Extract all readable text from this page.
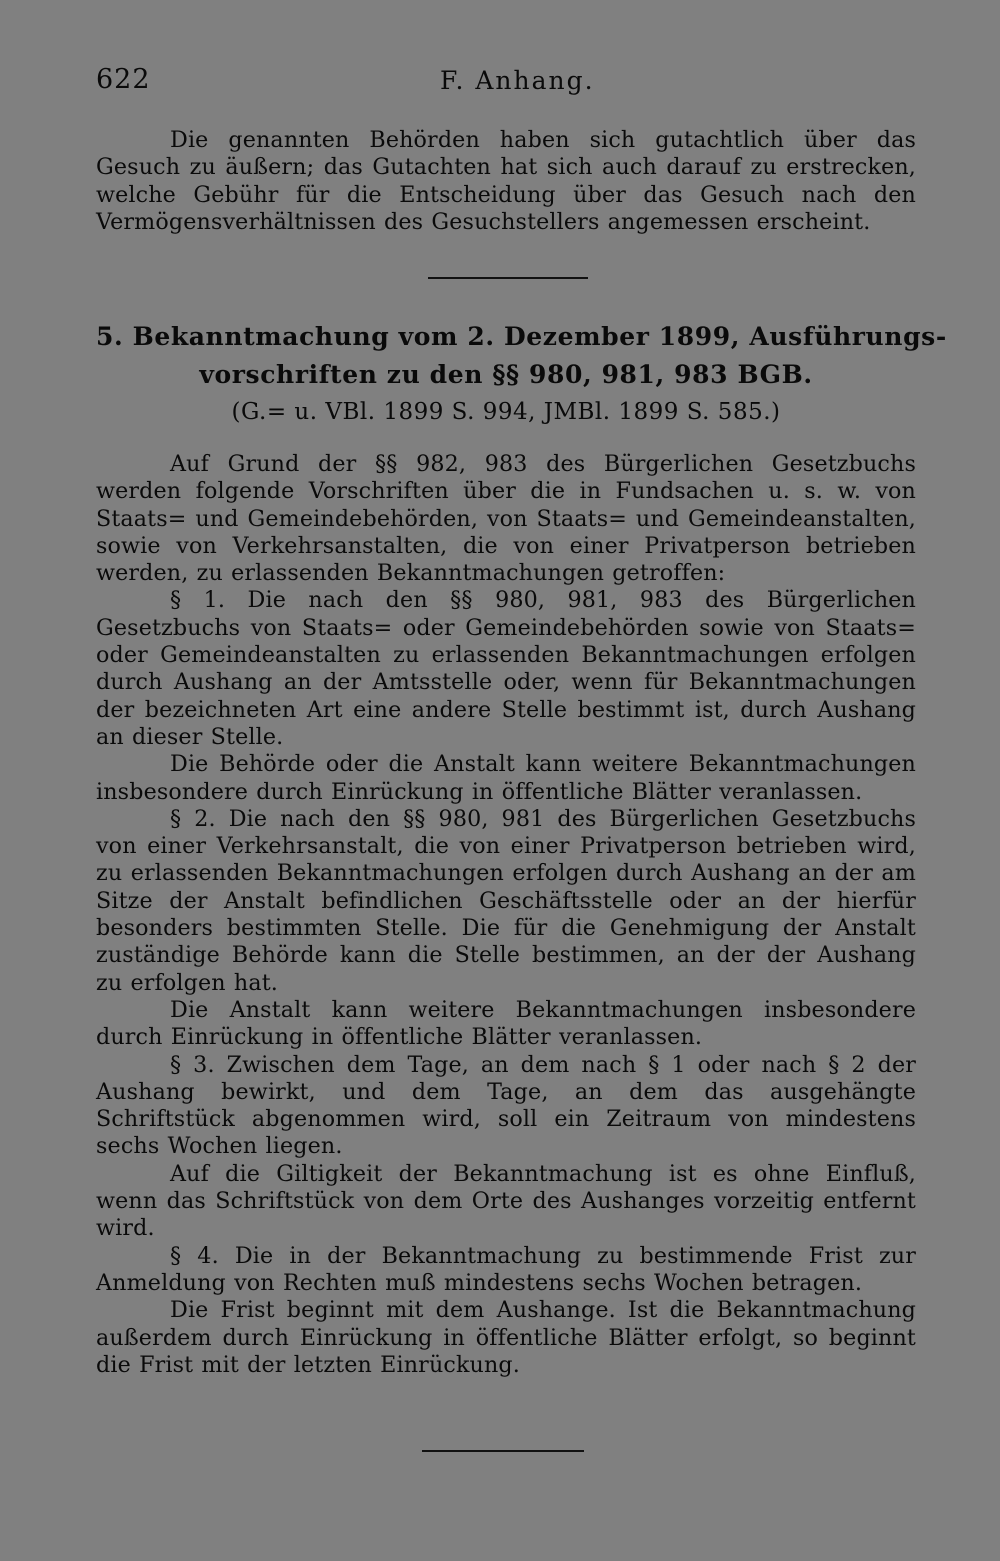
622	F. Anhang.

Die genannten Behörden haben sich gutachtlich über das Gesuch zu äußern; das Gutachten hat sich auch darauf zu erstrecken, welche Gebühr für die Entscheidung über das Gesuch nach den Vermögensverhältnissen des Gesuchstellers angemessen erscheint.

5. Bekanntmachung vom 2. Dezember 1899, Ausführungs-
vorschriften zu den §§ 980, 981, 983 BGB.
(G.= u. VBl. 1899 S. 994, JMBl. 1899 S. 585.)

Auf Grund der §§ 982, 983 des Bürgerlichen Gesetzbuchs werden folgende Vorschriften über die in Fundsachen u. s. w. von Staats= und Gemeindebehörden, von Staats= und Gemeindeanstalten, sowie von Verkehrsanstalten, die von einer Privatperson betrieben werden, zu erlassenden Bekanntmachungen getroffen:

§ 1. Die nach den §§ 980, 981, 983 des Bürgerlichen Gesetzbuchs von Staats= oder Gemeindebehörden sowie von Staats= oder Gemeindeanstalten zu erlassenden Bekanntmachungen erfolgen durch Aushang an der Amtsstelle oder, wenn für Bekanntmachungen der bezeichneten Art eine andere Stelle bestimmt ist, durch Aushang an dieser Stelle.

Die Behörde oder die Anstalt kann weitere Bekanntmachungen insbesondere durch Einrückung in öffentliche Blätter veranlassen.

§ 2. Die nach den §§ 980, 981 des Bürgerlichen Gesetzbuchs von einer Verkehrsanstalt, die von einer Privatperson betrieben wird, zu erlassenden Bekanntmachungen erfolgen durch Aushang an der am Sitze der Anstalt befindlichen Geschäftsstelle oder an der hierfür besonders bestimmten Stelle. Die für die Genehmigung der Anstalt zuständige Behörde kann die Stelle bestimmen, an der der Aushang zu erfolgen hat.

Die Anstalt kann weitere Bekanntmachungen insbesondere durch Einrückung in öffentliche Blätter veranlassen.

§ 3. Zwischen dem Tage, an dem nach § 1 oder nach § 2 der Aushang bewirkt, und dem Tage, an dem das ausgehängte Schriftstück abgenommen wird, soll ein Zeitraum von mindestens sechs Wochen liegen.

Auf die Giltigkeit der Bekanntmachung ist es ohne Einfluß, wenn das Schriftstück von dem Orte des Aushanges vorzeitig entfernt wird.

§ 4. Die in der Bekanntmachung zu bestimmende Frist zur Anmeldung von Rechten muß mindestens sechs Wochen betragen.

Die Frist beginnt mit dem Aushange. Ist die Bekanntmachung außerdem durch Einrückung in öffentliche Blätter erfolgt, so beginnt die Frist mit der letzten Einrückung.
